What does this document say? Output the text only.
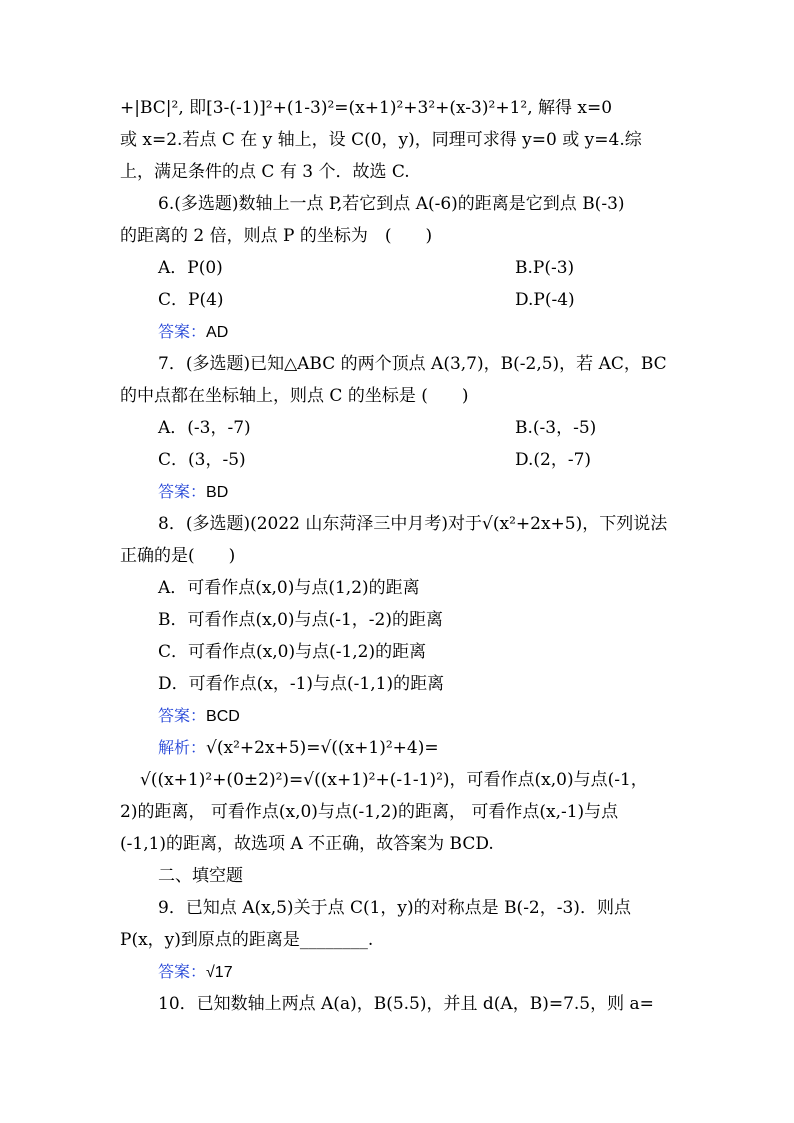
+|BC|², 即[3-(-1)]²+(1-3)²=(x+1)²+3²+(x-3)²+1², 解得 x=0
或 x=2.若点 C 在 y 轴上，设 C(0，y)，同理可求得 y=0 或 y=4.综
上，满足条件的点 C 有 3 个．故选 C.
6.(多选题)数轴上一点 P,若它到点 A(-6)的距离是它到点 B(-3)
的距离的 2 倍，则点 P 的坐标为　(　　)
A．P(0)	B.P(-3)
C．P(4)	D.P(-4)
答案：AD
7．(多选题)已知△ABC 的两个顶点 A(3,7)，B(-2,5)，若 AC，BC
的中点都在坐标轴上，则点 C 的坐标是 (　　)
A．(-3，-7)	B.(-3，-5)
C．(3，-5)	D.(2，-7)
答案：BD
8．(多选题)(2022 山东菏泽三中月考)对于√(x²+2x+5)，下列说法
正确的是(　　)
A．可看作点(x,0)与点(1,2)的距离
B．可看作点(x,0)与点(-1，-2)的距离
C．可看作点(x,0)与点(-1,2)的距离
D．可看作点(x，-1)与点(-1,1)的距离
答案：BCD
解析：√(x²+2x+5)=√((x+1)²+4)=
√((x+1)²+(0±2)²)=√((x+1)²+(-1-1)²)，可看作点(x,0)与点(-1，
2)的距离， 可看作点(x,0)与点(-1,2)的距离， 可看作点(x,-1)与点
(-1,1)的距离，故选项 A 不正确，故答案为 BCD.
二、填空题
9．已知点 A(x,5)关于点 C(1，y)的对称点是 B(-2，-3)．则点
P(x，y)到原点的距离是________.
答案：√17
10．已知数轴上两点 A(a)，B(5.5)，并且 d(A，B)=7.5，则 a=
